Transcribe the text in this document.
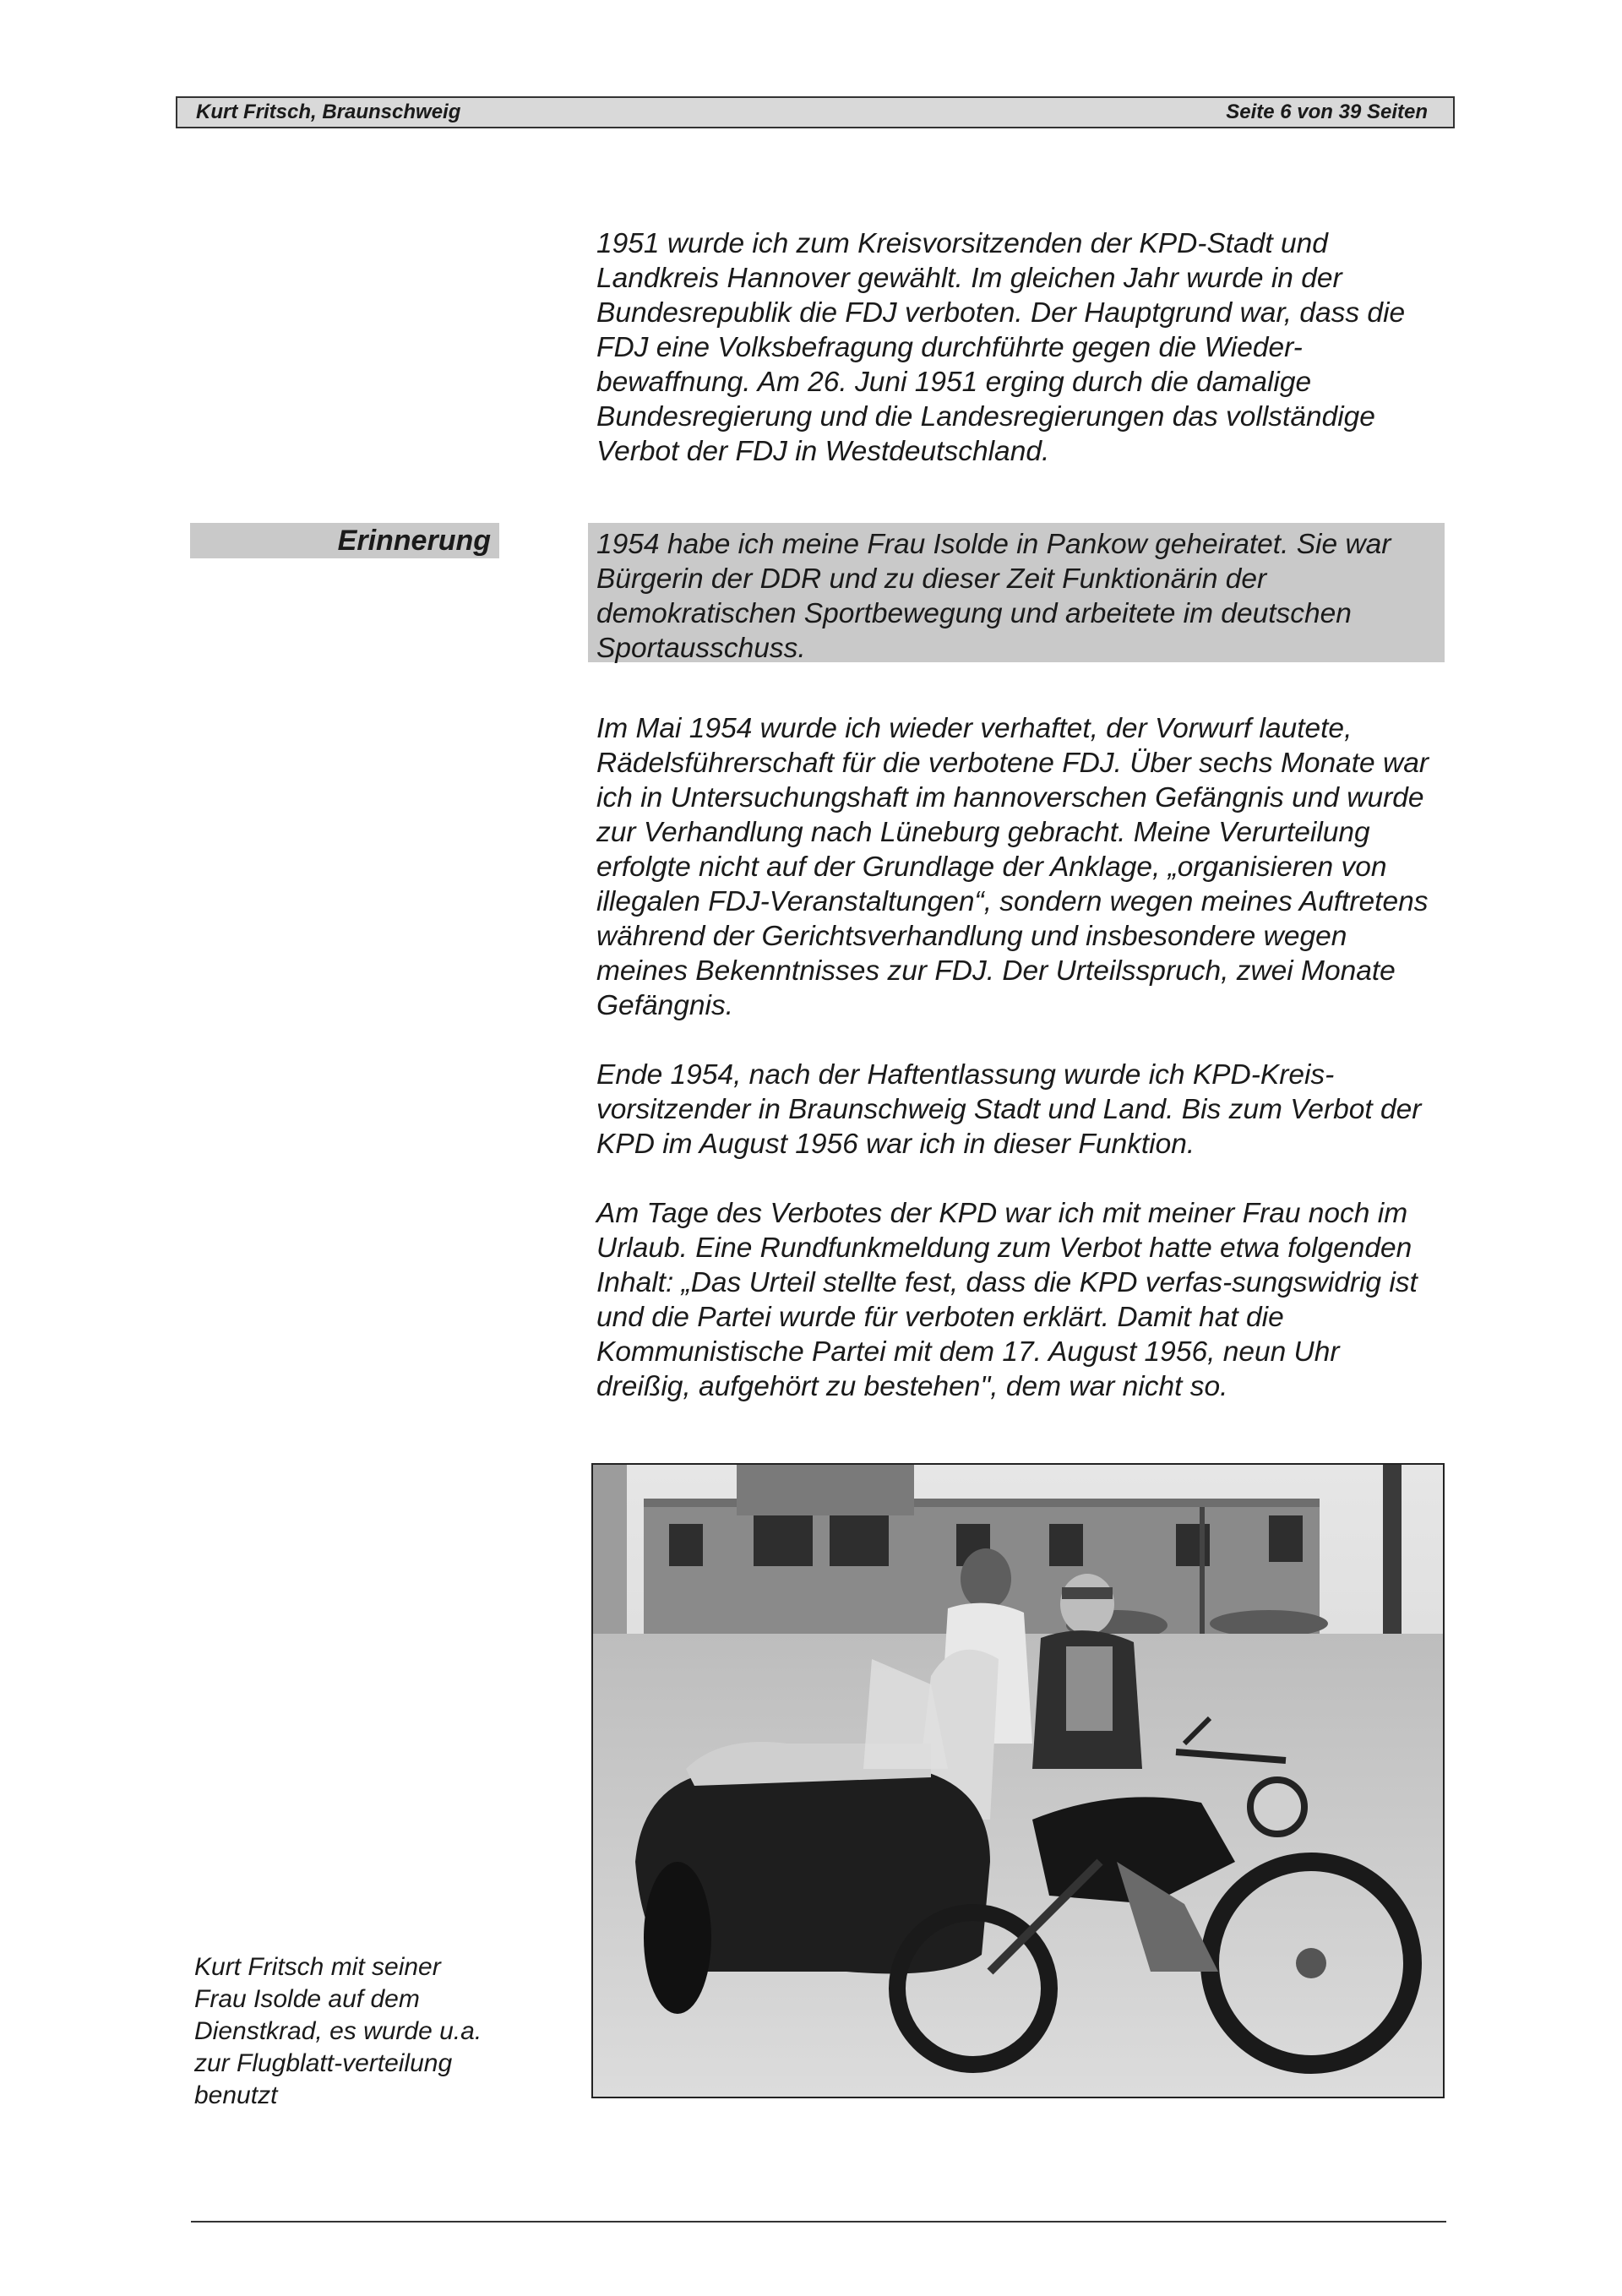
Kurt Fritsch, Braunschweig	Seite 6 von 39 Seiten

1951 wurde ich zum Kreisvorsitzenden der KPD-Stadt und Landkreis Hannover gewählt. Im gleichen Jahr wurde in der Bundesrepublik die FDJ verboten. Der Hauptgrund war, dass die FDJ eine Volksbefragung durchführte gegen die Wieder-bewaffnung. Am 26. Juni 1951 erging durch die damalige Bundesregierung und die Landesregierungen das vollständige Verbot der FDJ in Westdeutschland.

Erinnerung	1954 habe ich meine Frau Isolde in Pankow geheiratet. Sie war Bürgerin der DDR und zu dieser Zeit Funktionärin der demokratischen Sportbewegung und arbeitete im deutschen Sportausschuss.

Im Mai 1954 wurde ich wieder verhaftet, der Vorwurf lautete, Rädelsführerschaft für die verbotene FDJ. Über sechs Monate war ich in Untersuchungshaft im hannoverschen Gefängnis und wurde zur Verhandlung nach Lüneburg gebracht. Meine Verurteilung erfolgte nicht auf der Grundlage der Anklage, „organisieren von illegalen FDJ-Veranstaltungen“, sondern wegen meines Auftretens während der Gerichtsverhandlung und insbesondere wegen meines Bekenntnisses zur FDJ. Der Urteilsspruch, zwei Monate Gefängnis.

Ende 1954, nach der Haftentlassung wurde ich KPD-Kreis-vorsitzender in Braunschweig Stadt und Land. Bis zum Verbot der KPD im August 1956 war ich in dieser Funktion.

Am Tage des Verbotes der KPD war ich mit meiner Frau noch im Urlaub. Eine Rundfunkmeldung zum Verbot hatte etwa folgenden Inhalt: „Das Urteil stellte fest, dass die KPD verfas-sungswidrig ist und die Partei wurde für verboten erklärt. Damit hat die Kommunistische Partei mit dem 17. August 1956, neun Uhr dreißig, aufgehört zu bestehen", dem war nicht so.

Kurt Fritsch mit seiner Frau Isolde auf dem Dienstkrad, es wurde u.a. zur Flugblatt-verteilung benutzt
